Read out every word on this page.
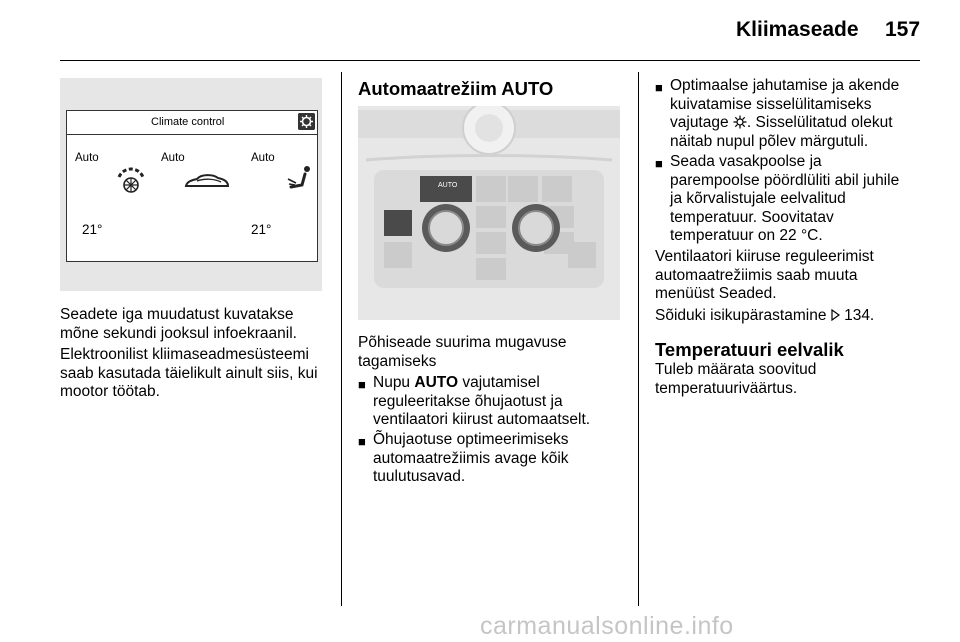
Kliimaseade 157
Climate control
Auto	Auto	Auto
21°	21°
Seadete iga muudatust kuvatakse
mõne sekundi jooksul infoekraanil.
Elektroonilist kliimaseadmesüsteemi
saab kasutada täielikult ainult siis, kui
mootor töötab.
Automaatrežiim AUTO
AUTO
Põhiseade suurima mugavuse
tagamiseks
■ Nupu AUTO vajutamisel
reguleeritakse õhujaotust ja
ventilaatori kiirust automaatselt.
■ Õhujaotuse optimeerimiseks
automaatrežiimis avage kõik
tuulutusavad.
■ Optimaalse jahutamise ja akende
kuivatamise sisselülitamiseks
vajutage . Sisselülitatud olekut
näitab nupul põlev märgutuli.
■ Seada vasakpoolse ja
parempoolse pöördlüliti abil juhile
ja kõrvalistujale eelvalitud
temperatuur. Soovitatav
temperatuur on 22 °C.
Ventilaatori kiiruse reguleerimist
automaatrežiimis saab muuta
menüüst Seaded.
Sõiduki isikupärastamine  134.
Temperatuuri eelvalik
Tuleb määrata soovitud
temperatuuriväärtus.
carmanualsonline.info
